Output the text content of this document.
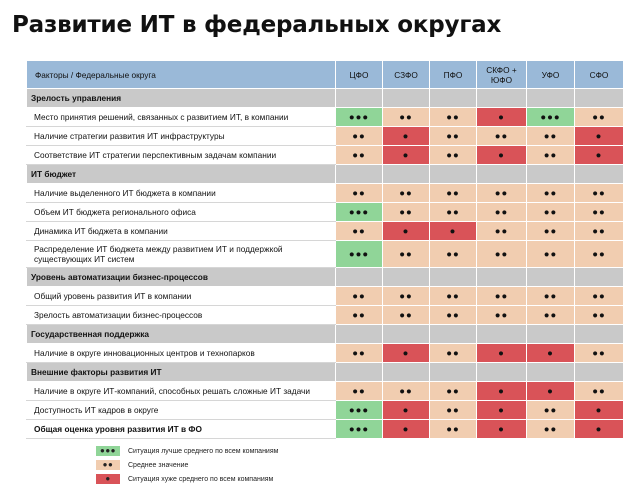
Развитие ИТ в федеральных округах
Факторы / Федеральные округа	ЦФО	СЗФО	ПФО	СКФО + ЮФО	УФО	СФО
Зрелость управления						
Место принятия решений, связанных с развитием ИТ, в компании	●●●	●●	●●	●	●●●	●●
Наличие стратегии развития ИТ инфраструктуры	●●	●	●●	●●	●●	●
Соответствие ИТ стратегии перспективным задачам компании	●●	●	●●	●	●●	●
ИТ бюджет						
Наличие выделенного ИТ бюджета в компании	●●	●●	●●	●●	●●	●●
Объем ИТ бюджета регионального офиса	●●●	●●	●●	●●	●●	●●
Динамика ИТ бюджета в компании	●●	●	●	●●	●●	●●
Распределение ИТ бюджета между развитием ИТ и поддержкой существующих ИТ систем	●●●	●●	●●	●●	●●	●●
Уровень автоматизации бизнес-процессов						
Общий уровень развития ИТ в компании	●●	●●	●●	●●	●●	●●
Зрелость автоматизации бизнес-процессов	●●	●●	●●	●●	●●	●●
Государственная поддержка						
Наличие в округе инновационных центров и технопарков	●●	●	●●	●	●	●●
Внешние факторы развития ИТ						
Наличие в округе ИТ-компаний, способных решать сложные ИТ задачи	●●	●●	●●	●	●	●●
Доступность ИТ кадров в округе	●●●	●	●●	●	●●	●
Общая оценка уровня развития ИТ в ФО	●●●	●	●●	●	●●	●
●●●	Ситуация лучше среднего по всем компаниям
●●	Среднее значение
●	Ситуация хуже среднего по всем компаниям
